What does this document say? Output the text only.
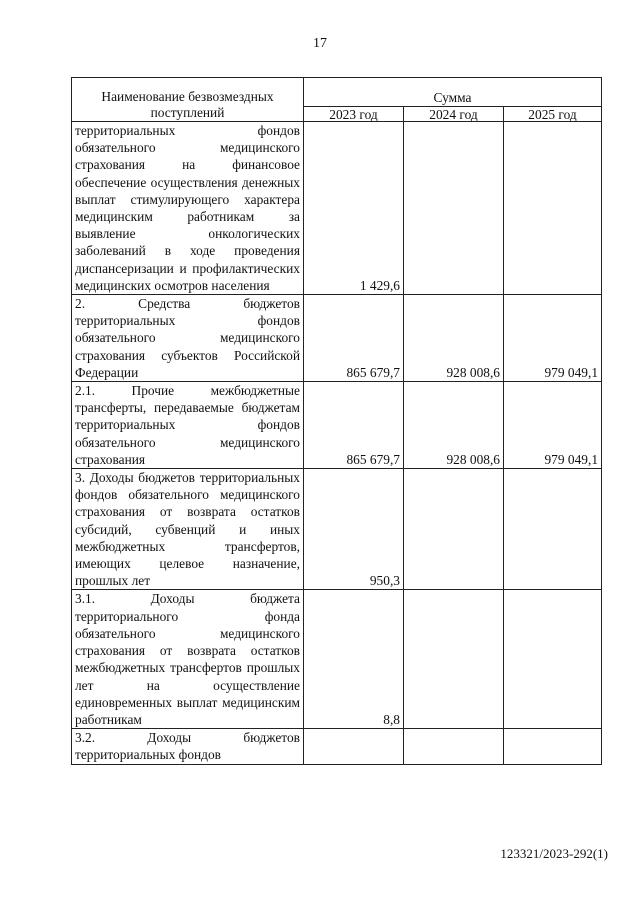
17
Наименование безвозмездных поступлений	Сумма		
	2023 год	2024 год	2025 год
территориальных фондов обязательного медицинского страхования на финансовое обеспечение осуществления денежных выплат стимулирующего характера медицинским работникам за выявление онкологических заболеваний в ходе проведения диспансеризации и профилактических медицинских осмотров населения	1 429,6		
2. Средства бюджетов территориальных фондов обязательного медицинского страхования субъектов Российской Федерации	865 679,7	928 008,6	979 049,1
2.1. Прочие межбюджетные трансферты, передаваемые бюджетам территориальных фондов обязательного медицинского страхования	865 679,7	928 008,6	979 049,1
3. Доходы бюджетов территориальных фондов обязательного медицинского страхования от возврата остатков субсидий, субвенций и иных межбюджетных трансфертов, имеющих целевое назначение, прошлых лет	950,3		
3.1. Доходы бюджета территориального фонда обязательного медицинского страхования от возврата остатков межбюджетных трансфертов прошлых лет на осуществление единовременных выплат медицинским работникам	8,8		
3.2. Доходы бюджетов территориальных фондов			
123321/2023-292(1)
